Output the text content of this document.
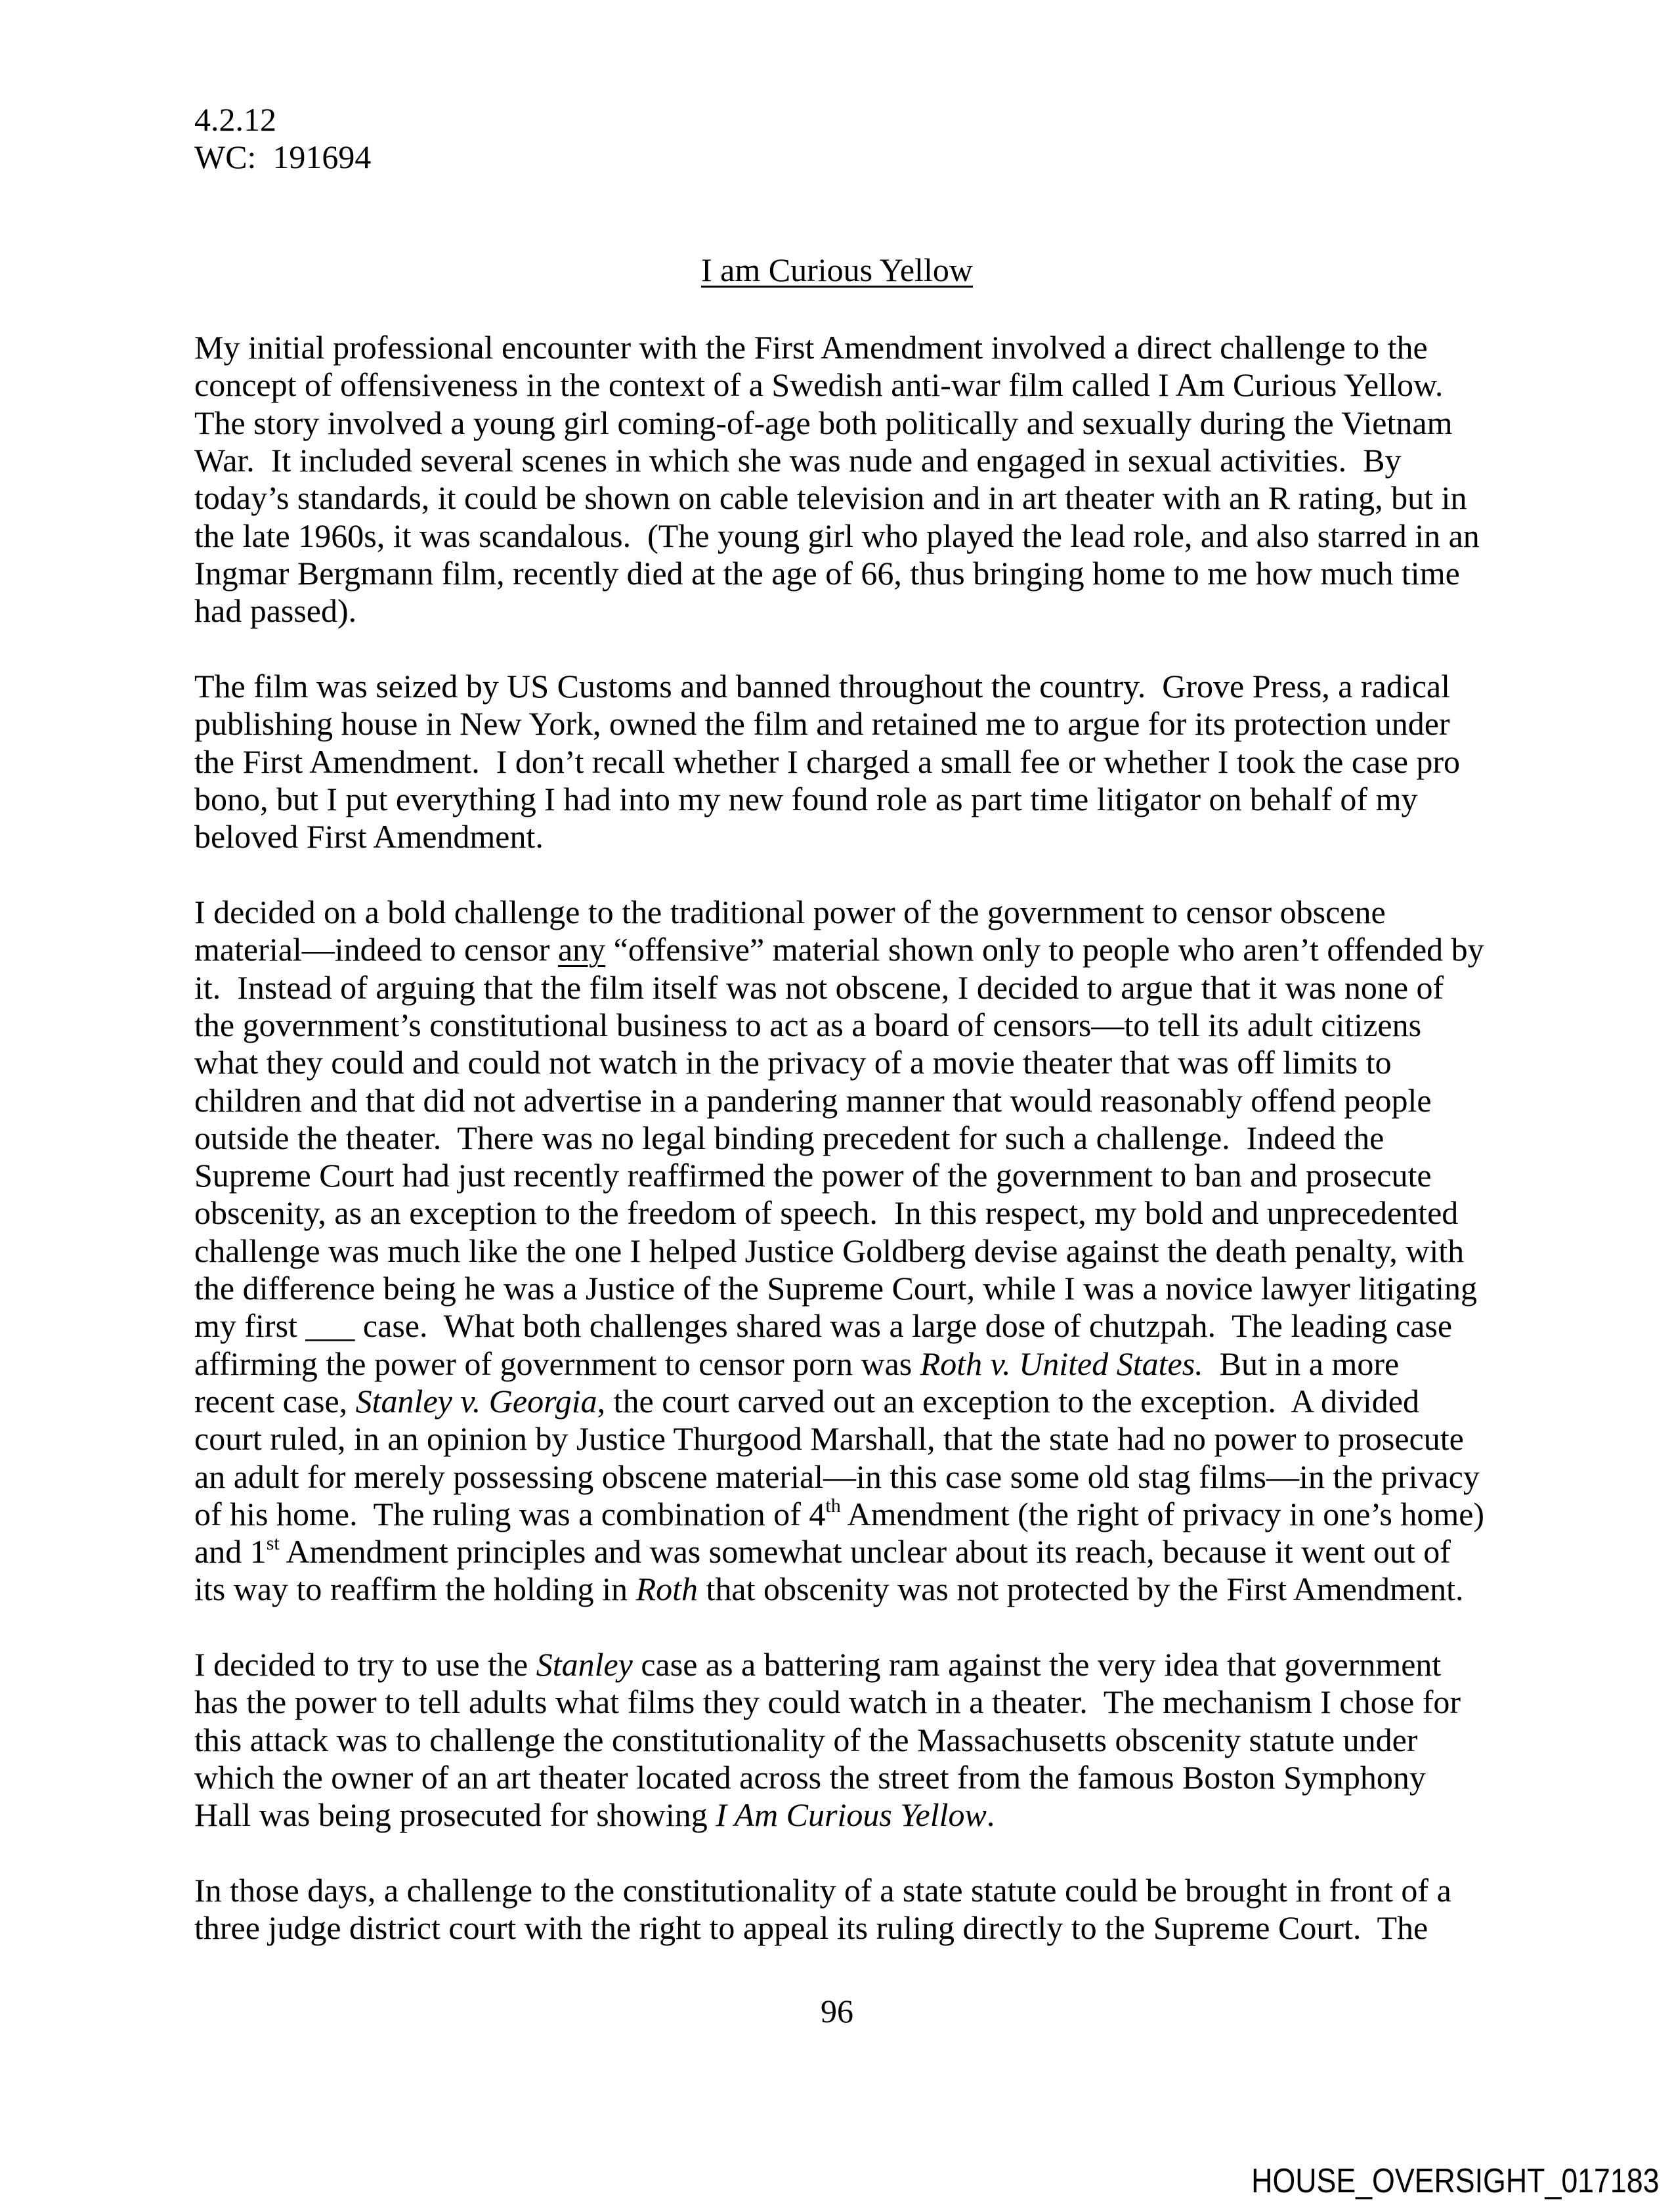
4.2.12
WC:  191694
I am Curious Yellow
My initial professional encounter with the First Amendment involved a direct challenge to the
concept of offensiveness in the context of a Swedish anti-war film called I Am Curious Yellow.
The story involved a young girl coming-of-age both politically and sexually during the Vietnam
War.  It included several scenes in which she was nude and engaged in sexual activities.  By
today’s standards, it could be shown on cable television and in art theater with an R rating, but in
the late 1960s, it was scandalous.  (The young girl who played the lead role, and also starred in an
Ingmar Bergmann film, recently died at the age of 66, thus bringing home to me how much time
had passed).
The film was seized by US Customs and banned throughout the country.  Grove Press, a radical
publishing house in New York, owned the film and retained me to argue for its protection under
the First Amendment.  I don’t recall whether I charged a small fee or whether I took the case pro
bono, but I put everything I had into my new found role as part time litigator on behalf of my
beloved First Amendment.
I decided on a bold challenge to the traditional power of the government to censor obscene
material—indeed to censor any “offensive” material shown only to people who aren’t offended by
it.  Instead of arguing that the film itself was not obscene, I decided to argue that it was none of
the government’s constitutional business to act as a board of censors—to tell its adult citizens
what they could and could not watch in the privacy of a movie theater that was off limits to
children and that did not advertise in a pandering manner that would reasonably offend people
outside the theater.  There was no legal binding precedent for such a challenge.  Indeed the
Supreme Court had just recently reaffirmed the power of the government to ban and prosecute
obscenity, as an exception to the freedom of speech.  In this respect, my bold and unprecedented
challenge was much like the one I helped Justice Goldberg devise against the death penalty, with
the difference being he was a Justice of the Supreme Court, while I was a novice lawyer litigating
my first ___ case.  What both challenges shared was a large dose of chutzpah.  The leading case
affirming the power of government to censor porn was Roth v. United States.  But in a more
recent case, Stanley v. Georgia, the court carved out an exception to the exception.  A divided
court ruled, in an opinion by Justice Thurgood Marshall, that the state had no power to prosecute
an adult for merely possessing obscene material—in this case some old stag films—in the privacy
of his home.  The ruling was a combination of 4th Amendment (the right of privacy in one’s home)
and 1st Amendment principles and was somewhat unclear about its reach, because it went out of
its way to reaffirm the holding in Roth that obscenity was not protected by the First Amendment.
I decided to try to use the Stanley case as a battering ram against the very idea that government
has the power to tell adults what films they could watch in a theater.  The mechanism I chose for
this attack was to challenge the constitutionality of the Massachusetts obscenity statute under
which the owner of an art theater located across the street from the famous Boston Symphony
Hall was being prosecuted for showing I Am Curious Yellow.
In those days, a challenge to the constitutionality of a state statute could be brought in front of a
three judge district court with the right to appeal its ruling directly to the Supreme Court.  The
96
HOUSE_OVERSIGHT_017183
